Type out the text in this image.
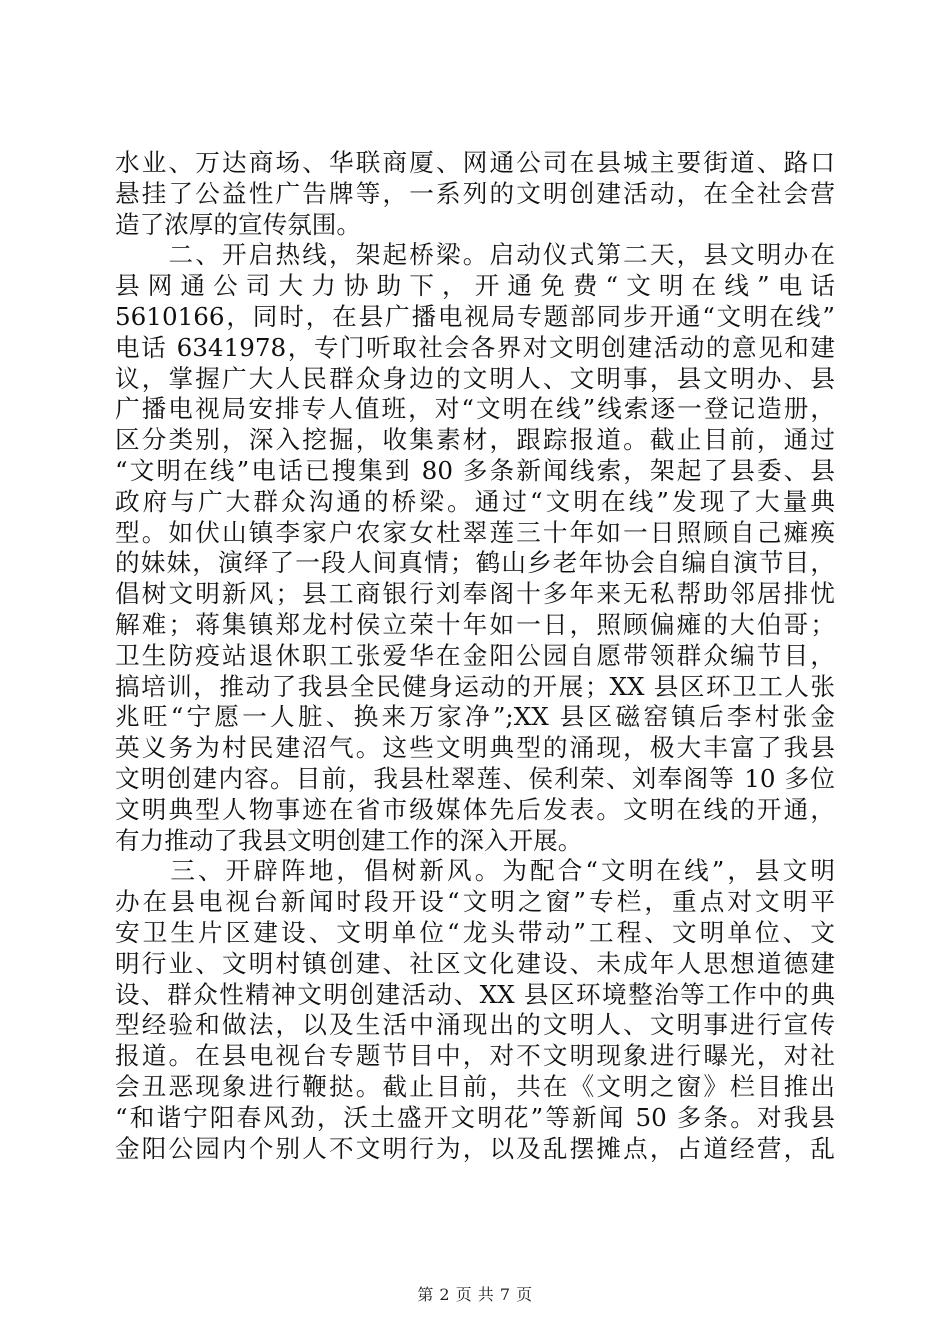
水业、万达商场、华联商厦、网通公司在县城主要街道、路口
悬挂了公益性广告牌等，一系列的文明创建活动，在全社会营
造了浓厚的宣传氛围。
　　二、开启热线，架起桥梁。启动仪式第二天，县文明办在
县网通公司大力协助下，开通免费“文明在线”电话
5610166，同时，在县广播电视局专题部同步开通“文明在线”
电话 6341978，专门听取社会各界对文明创建活动的意见和建
议，掌握广大人民群众身边的文明人、文明事，县文明办、县
广播电视局安排专人值班，对“文明在线”线索逐一登记造册，
区分类别，深入挖掘，收集素材，跟踪报道。截止目前，通过
“文明在线”电话已搜集到 80 多条新闻线索，架起了县委、县
政府与广大群众沟通的桥梁。通过“文明在线”发现了大量典
型。如伏山镇李家户农家女杜翠莲三十年如一日照顾自己瘫痪
的妹妹，演绎了一段人间真情；鹤山乡老年协会自编自演节目，
倡树文明新风；县工商银行刘奉阁十多年来无私帮助邻居排忧
解难；蒋集镇郑龙村侯立荣十年如一日，照顾偏瘫的大伯哥；
卫生防疫站退休职工张爱华在金阳公园自愿带领群众编节目，
搞培训，推动了我县全民健身运动的开展；XX 县区环卫工人张
兆旺“宁愿一人脏、换来万家净”;XX 县区磁窑镇后李村张金
英义务为村民建沼气。这些文明典型的涌现，极大丰富了我县
文明创建内容。目前，我县杜翠莲、侯利荣、刘奉阁等 10 多位
文明典型人物事迹在省市级媒体先后发表。文明在线的开通，
有力推动了我县文明创建工作的深入开展。
　　三、开辟阵地，倡树新风。为配合“文明在线”，县文明
办在县电视台新闻时段开设“文明之窗”专栏，重点对文明平
安卫生片区建设、文明单位“龙头带动”工程、文明单位、文
明行业、文明村镇创建、社区文化建设、未成年人思想道德建
设、群众性精神文明创建活动、XX 县区环境整治等工作中的典
型经验和做法，以及生活中涌现出的文明人、文明事进行宣传
报道。在县电视台专题节目中，对不文明现象进行曝光，对社
会丑恶现象进行鞭挞。截止目前，共在《文明之窗》栏目推出
“和谐宁阳春风劲，沃土盛开文明花”等新闻 50 多条。对我县
金阳公园内个别人不文明行为，以及乱摆摊点，占道经营，乱
第 2 页 共 7 页
